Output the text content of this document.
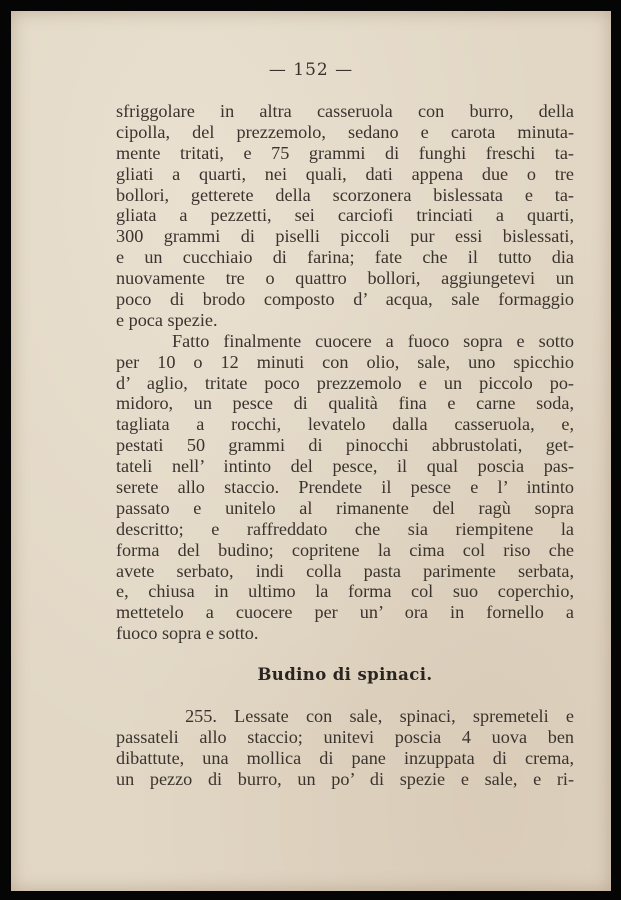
— 152 —
sfriggolare in altra casseruola con burro, della
cipolla, del prezzemolo, sedano e carota minuta-
mente tritati, e 75 grammi di funghi freschi ta-
gliati a quarti, nei quali, dati appena due o tre
bollori, getterete della scorzonera bislessata e ta-
gliata a pezzetti, sei carciofi trinciati a quarti,
300 grammi di piselli piccoli pur essi bislessati,
e un cucchiaio di farina; fate che il tutto dia
nuovamente tre o quattro bollori, aggiungetevi un
poco di brodo composto d’ acqua, sale formaggio
e poca spezie.
Fatto finalmente cuocere a fuoco sopra e sotto
per 10 o 12 minuti con olio, sale, uno spicchio
d’ aglio, tritate poco prezzemolo e un piccolo po-
midoro, un pesce di qualità fina e carne soda,
tagliata a rocchi, levatelo dalla casseruola, e,
pestati 50 grammi di pinocchi abbrustolati, get-
tateli nell’ intinto del pesce, il qual poscia pas-
serete allo staccio. Prendete il pesce e l’ intinto
passato e unitelo al rimanente del ragù sopra
descritto; e raffreddato che sia riempitene la
forma del budino; copritene la cima col riso che
avete serbato, indi colla pasta parimente serbata,
e, chiusa in ultimo la forma col suo coperchio,
mettetelo a cuocere per un’ ora in fornello a
fuoco sopra e sotto.
Budino di spinaci.
255. Lessate con sale, spinaci, spremeteli e
passateli allo staccio; unitevi poscia 4 uova ben
dibattute, una mollica di pane inzuppata di crema,
un pezzo di burro, un po’ di spezie e sale, e ri-
